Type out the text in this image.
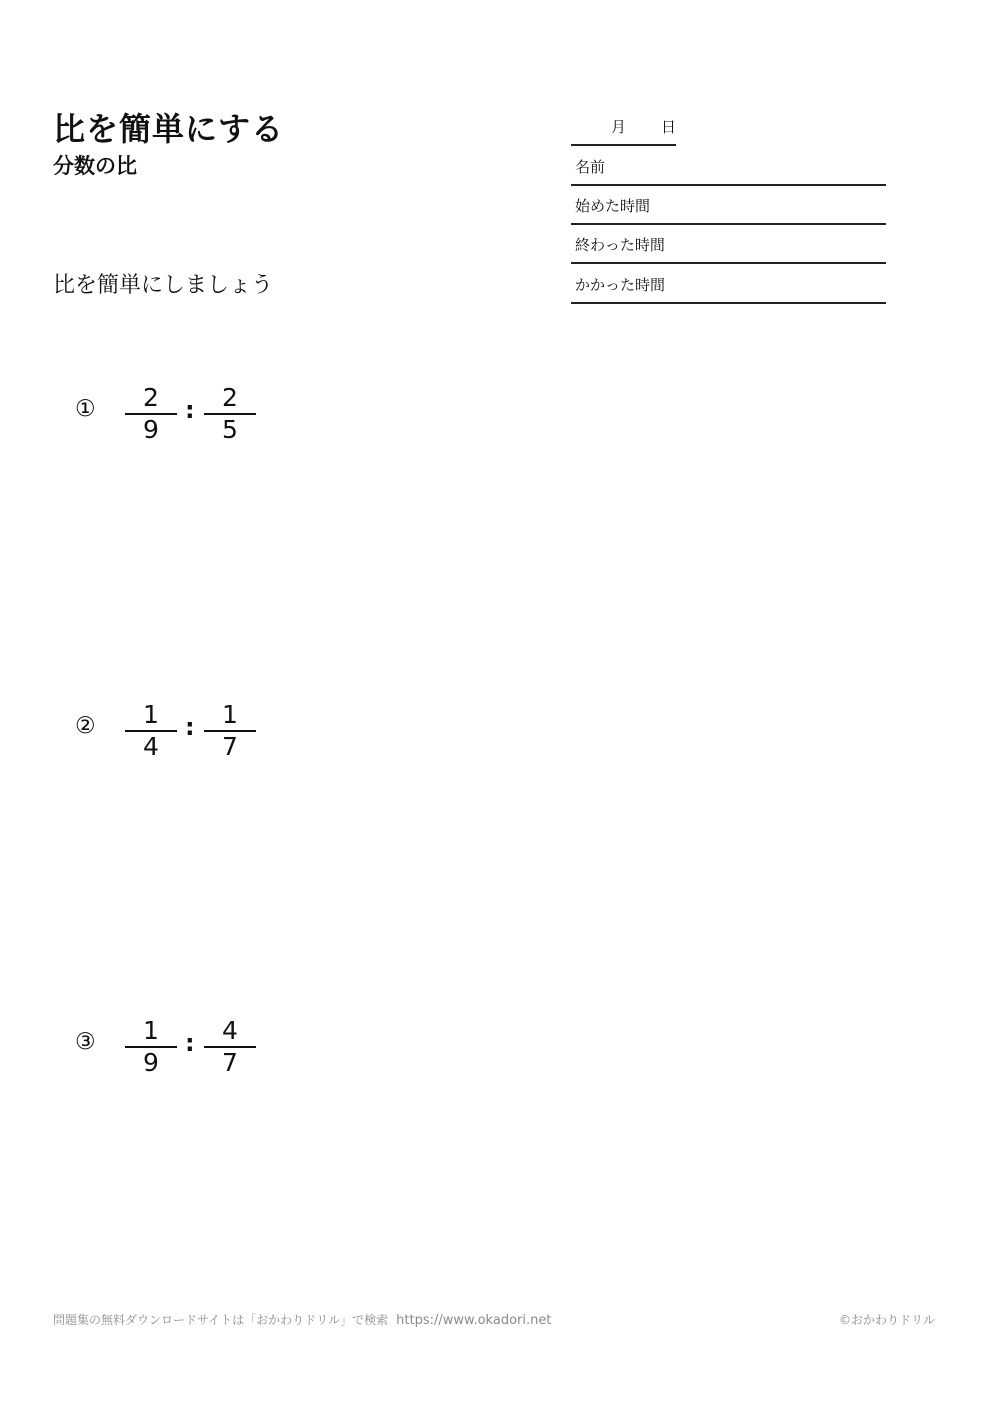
比を簡単にする
分数の比
比を簡単にしましょう
月 日
名前
始めた時間
終わった時間
かかった時間
① $\frac{2}{9}$ : $\frac{2}{5}$
② $\frac{1}{4}$ : $\frac{1}{7}$
③ $\frac{1}{9}$ : $\frac{4}{7}$
問題集の無料ダウンロードサイトは「おかわりドリル」で検索 https://www.okadori.net	©おかわりドリル
